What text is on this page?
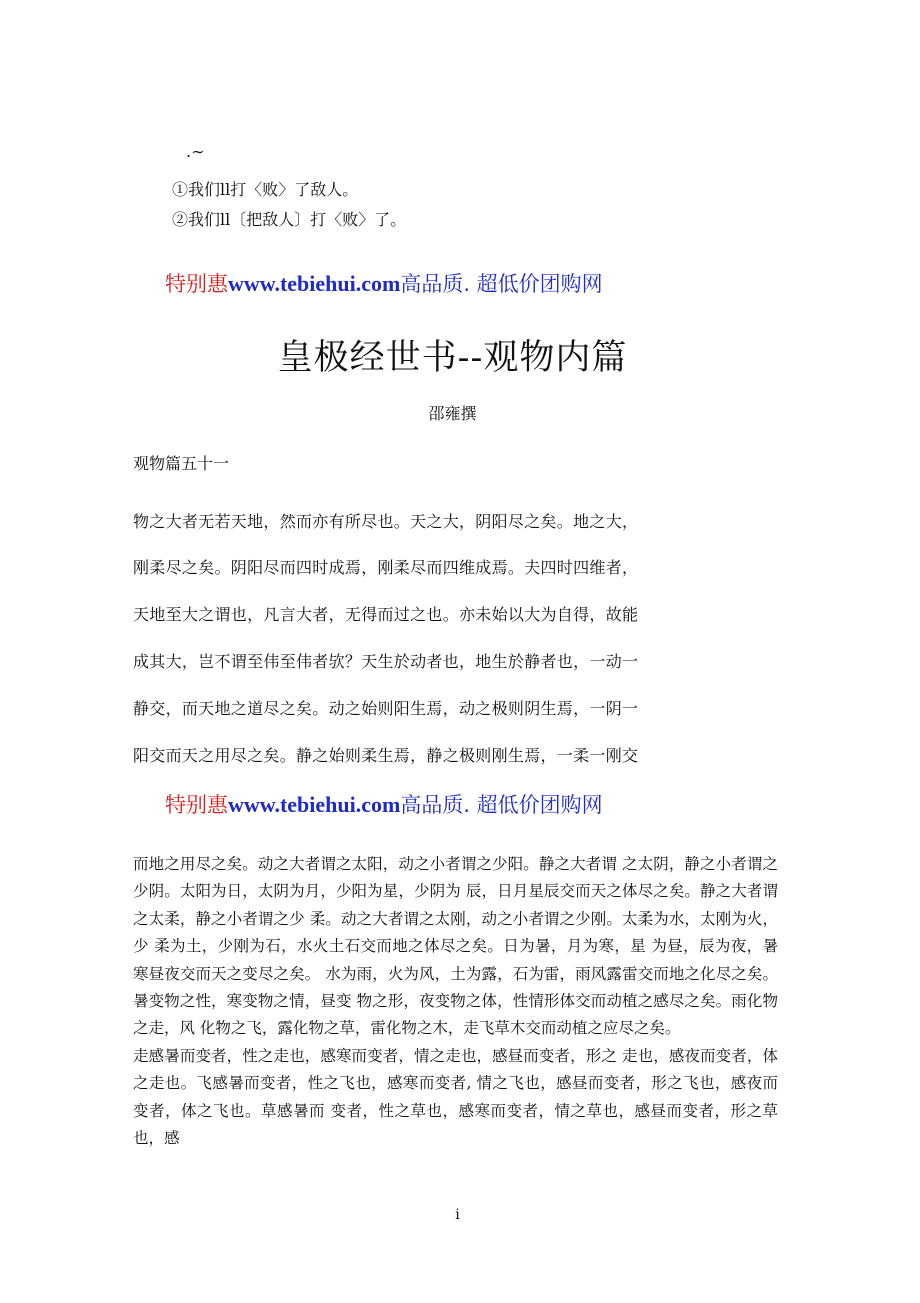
.∼
①我们ll打〈败〉了敌人。
②我们ll〔把敌人〕打〈败〉了。
特别惠www.tebiehui.com高品质. 超低价团购网
皇极经世书--观物内篇
邵雍撰
观物篇五十一
物之大者无若天地，然而亦有所尽也。天之大，阴阳尽之矣。地之大，
刚柔尽之矣。阴阳尽而四时成焉，刚柔尽而四维成焉。夫四时四维者，
天地至大之谓也，凡言大者，无得而过之也。亦未始以大为自得，故能
成其大，岂不谓至伟至伟者欤？天生於动者也，地生於静者也，一动一
静交，而天地之道尽之矣。动之始则阳生焉，动之极则阴生焉，一阴一
阳交而天之用尽之矣。静之始则柔生焉，静之极则刚生焉，一柔一刚交
特别惠www.tebiehui.com高品质. 超低价团购网

而地之用尽之矣。动之大者谓之太阳，动之小者谓之少阳。静之大者谓 之太阴，静之小者谓之少阴。太阳为日，太阴为月，少阳为星，少阴为 辰，日月星辰交而天之体尽之矣。静之大者谓之太柔，静之小者谓之少 柔。动之大者谓之太刚，动之小者谓之少刚。太柔为水，太刚为火，少 柔为土，少刚为石，水火土石交而地之体尽之矣。日为暑，月为寒，星 为昼，辰为夜，暑寒昼夜交而天之变尽之矣。 水为雨，火为风，土为露，石为雷，雨风露雷交而地之化尽之矣。暑变物之性，寒变物之情，昼变 物之形，夜变物之体，性情形体交而动植之感尽之矣。雨化物之走，风 化物之飞，露化物之草，雷化物之木，走飞草木交而动植之应尽之矣。

走感暑而变者，性之走也，感寒而变者，情之走也，感昼而变者，形之 走也，感夜而变者，体之走也。飞感暑而变者，性之飞也，感寒而变者, 情之飞也，感昼而变者，形之飞也，感夜而变者，体之飞也。草感暑而 变者，性之草也，感寒而变者，情之草也，感昼而变者，形之草也，感

i
